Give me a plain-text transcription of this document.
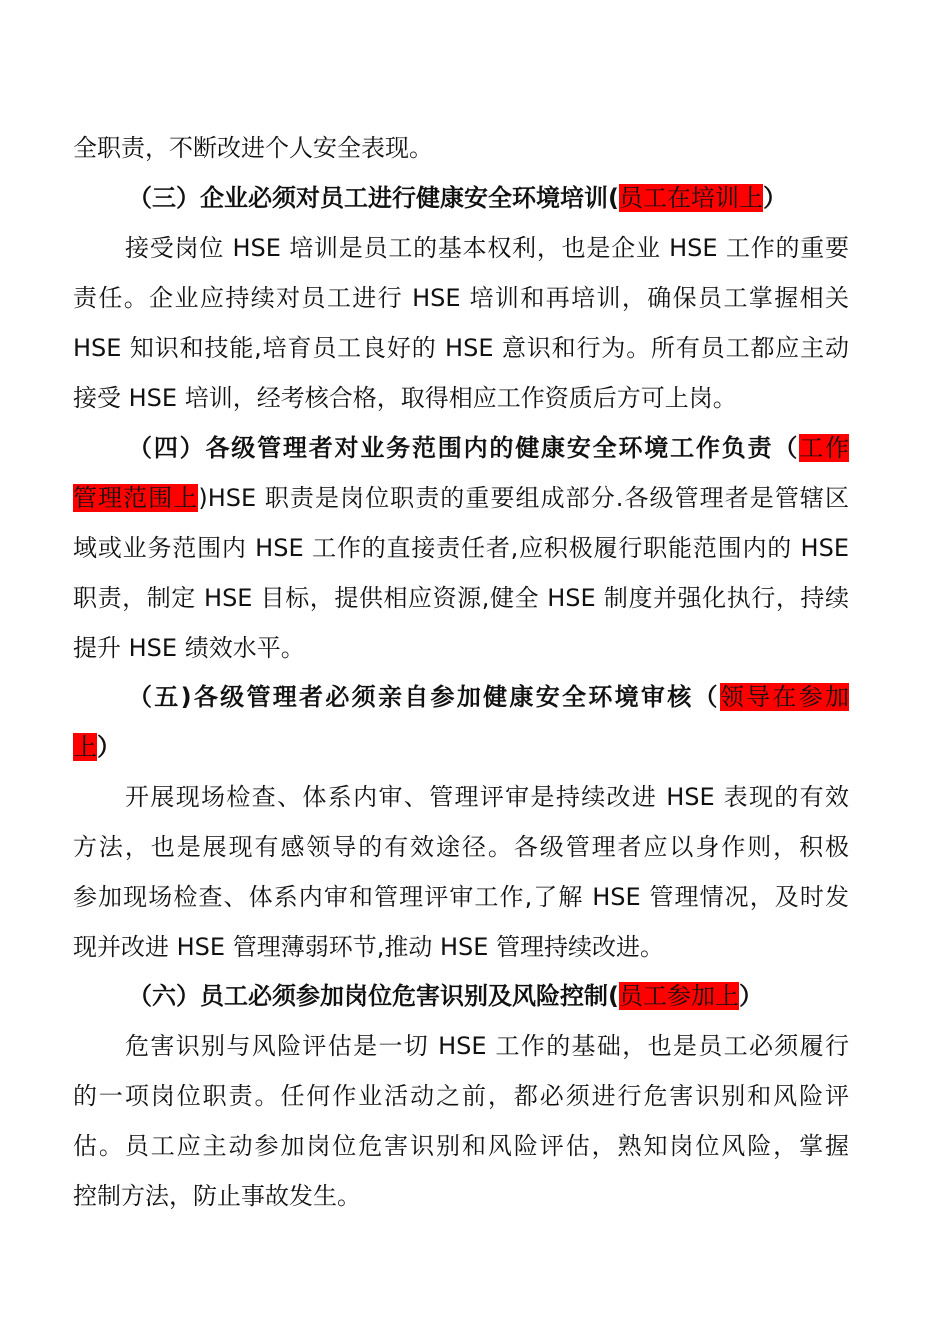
全职责，不断改进个人安全表现。
（三）企业必须对员工进行健康安全环境培训(员工在培训上）
接受岗位 HSE 培训是员工的基本权利，也是企业 HSE 工作的重要
责任。企业应持续对员工进行 HSE 培训和再培训，确保员工掌握相关
HSE 知识和技能,培育员工良好的 HSE 意识和行为。所有员工都应主动
接受 HSE 培训，经考核合格，取得相应工作资质后方可上岗。
（四）各级管理者对业务范围内的健康安全环境工作负责（工作
管理范围上)HSE 职责是岗位职责的重要组成部分.各级管理者是管辖区
域或业务范围内 HSE 工作的直接责任者,应积极履行职能范围内的 HSE
职责，制定 HSE 目标，提供相应资源,健全 HSE 制度并强化执行，持续
提升 HSE 绩效水平。
（五)各级管理者必须亲自参加健康安全环境审核（领导在参加
上）
开展现场检查、体系内审、管理评审是持续改进 HSE 表现的有效
方法，也是展现有感领导的有效途径。各级管理者应以身作则，积极
参加现场检查、体系内审和管理评审工作,了解 HSE 管理情况，及时发
现并改进 HSE 管理薄弱环节,推动 HSE 管理持续改进。
（六）员工必须参加岗位危害识别及风险控制(员工参加上）
危害识别与风险评估是一切 HSE 工作的基础，也是员工必须履行
的一项岗位职责。任何作业活动之前，都必须进行危害识别和风险评
估。员工应主动参加岗位危害识别和风险评估，熟知岗位风险，掌握
控制方法，防止事故发生。
